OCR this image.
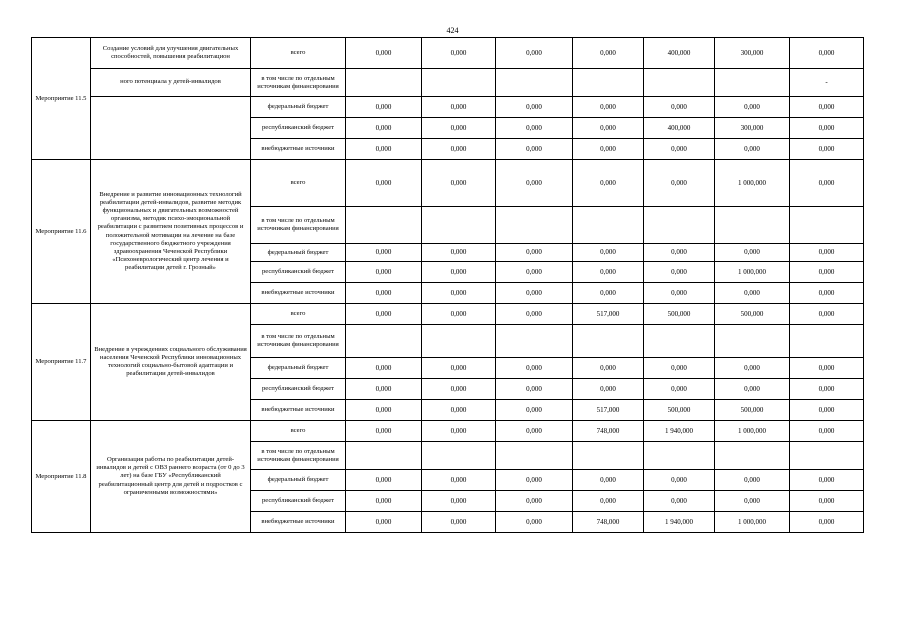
424
Мероприятие 11.5	Создание условий для улучшения двигательных способностей, повышения реабилитацион	всего	0,000	0,000	0,000	0,000	400,000	300,000	0,000
	ного потенциала у детей-инвалидов	в том числе по отдельным источникам финансирования							-
		федеральный бюджет	0,000	0,000	0,000	0,000	0,000	0,000	0,000
		республиканский бюджет	0,000	0,000	0,000	0,000	400,000	300,000	0,000
		внебюджетные источники	0,000	0,000	0,000	0,000	0,000	0,000	0,000
Мероприятие 11.6	Внедрение и развитие инновационных технологий реабилитации детей-инвалидов, развитие методик функциональных и двигательных возможностей организма, методик психо-эмоциональной реабилитации с развитием позитивных процессов и положительной мотивации на лечение на базе государственного бюджетного учреждения здравоохранения Чеченской Республики «Психоневрологический центр лечения и реабилитации детей г. Грозный»	всего	0,000	0,000	0,000	0,000	0,000	1 000,000	0,000
		в том числе по отдельным источникам финансирования							
		федеральный бюджет	0,000	0,000	0,000	0,000	0,000	0,000	0,000
		республиканский бюджет	0,000	0,000	0,000	0,000	0,000	1 000,000	0,000
		внебюджетные источники	0,000	0,000	0,000	0,000	0,000	0,000	0,000
Мероприятие 11.7	Внедрение в учреждениях социального обслуживания населения Чеченской Республики инновационных технологий социально-бытовой адаптации и реабилитации детей-инвалидов	всего	0,000	0,000	0,000	517,000	500,000	500,000	0,000
		в том числе по отдельным источникам финансирования							
		федеральный бюджет	0,000	0,000	0,000	0,000	0,000	0,000	0,000
		республиканский бюджет	0,000	0,000	0,000	0,000	0,000	0,000	0,000
		внебюджетные источники	0,000	0,000	0,000	517,000	500,000	500,000	0,000
Мероприятие 11.8	Организация работы по реабилитации детей-инвалидов и детей с ОВЗ раннего возраста (от 0 до 3 лет) на базе ГБУ «Республиканский реабилитационный центр для детей и подростков с ограниченными возможностями»	всего	0,000	0,000	0,000	748,000	1 940,000	1 000,000	0,000
		в том числе по отдельным источникам финансирования							
		федеральный бюджет	0,000	0,000	0,000	0,000	0,000	0,000	0,000
		республиканский бюджет	0,000	0,000	0,000	0,000	0,000	0,000	0,000
		внебюджетные источники	0,000	0,000	0,000	748,000	1 940,000	1 000,000	0,000
